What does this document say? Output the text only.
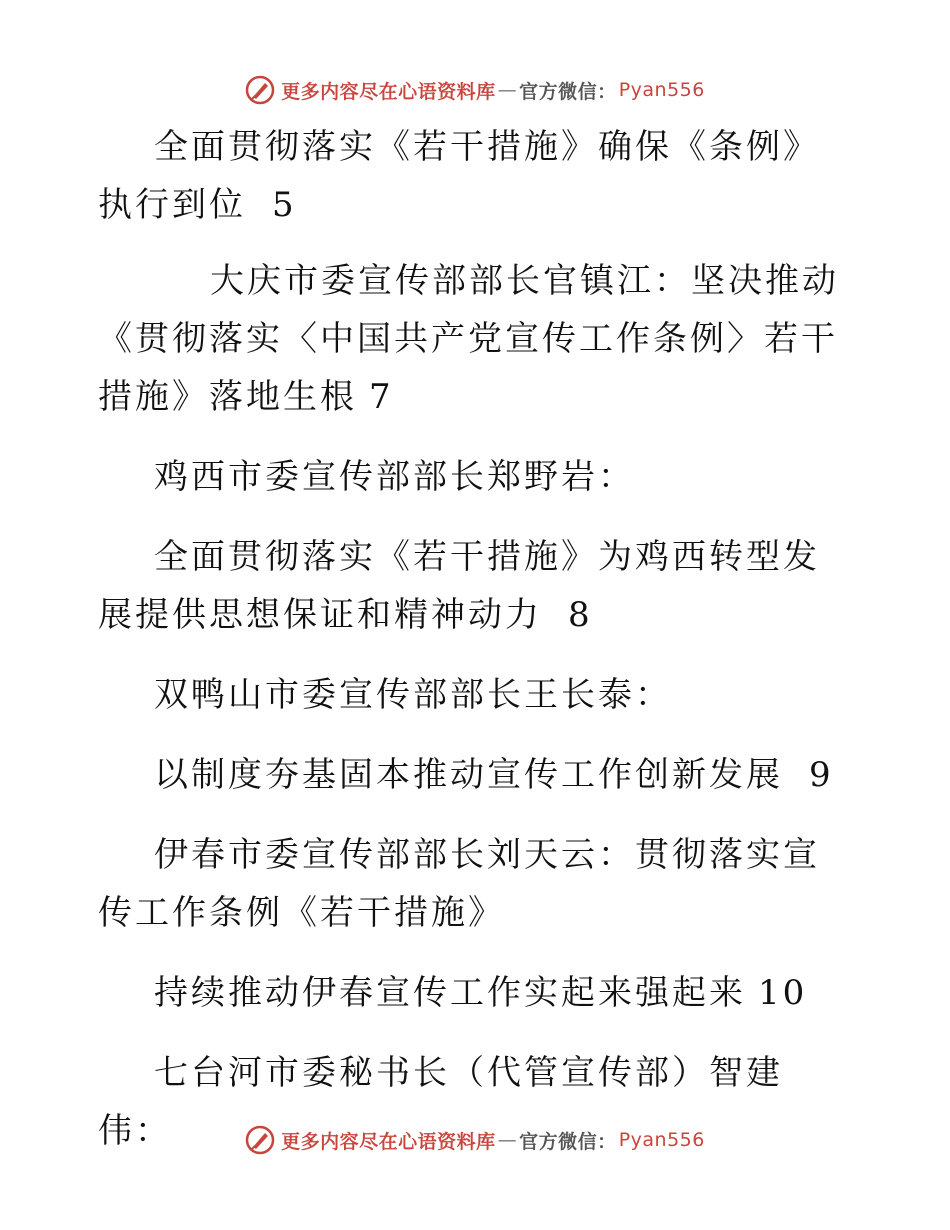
更多内容尽在心语资料库 — 官方微信： Pyan556

全面贯彻落实《若干措施》确保《条例》执行到位 5

大庆市委宣传部部长官镇江：坚决推动《贯彻落实〈中国共产党宣传工作条例〉若干措施》落地生根 7

鸡西市委宣传部部长郑野岩：

全面贯彻落实《若干措施》为鸡西转型发展提供思想保证和精神动力 8

双鸭山市委宣传部部长王长泰：

以制度夯基固本推动宣传工作创新发展 9

伊春市委宣传部部长刘天云：贯彻落实宣传工作条例《若干措施》

持续推动伊春宣传工作实起来强起来 10

七台河市委秘书长（代管宣传部）智建伟：	更多内容尽在心语资料库 — 官方微信： Pyan556
